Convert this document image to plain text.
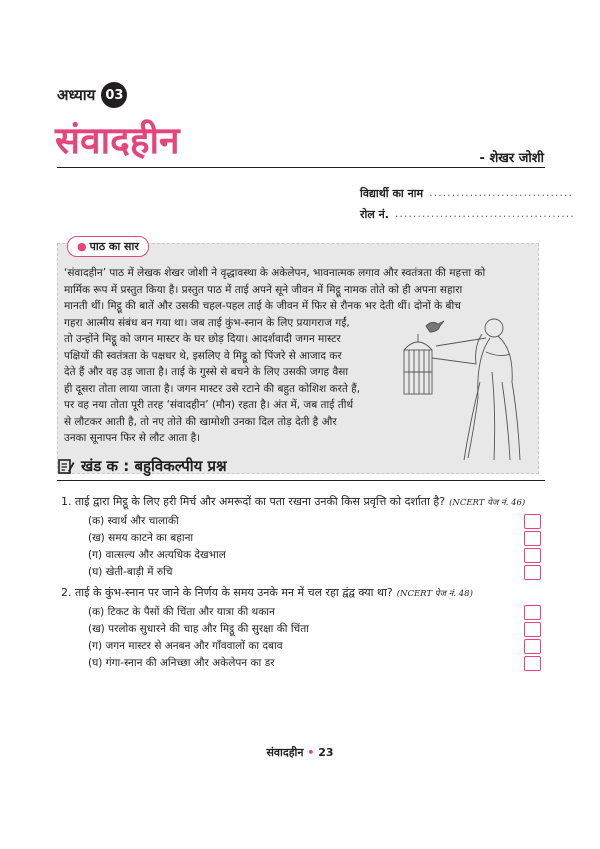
अध्याय 03
संवादहीन	- शेखर जोशी
विद्यार्थी का नाम ................................
रोल नं. ........................................
● पाठ का सार
‘संवादहीन’ पाठ में लेखक शेखर जोशी ने वृद्धावस्था के अकेलेपन, भावनात्मक लगाव और स्वतंत्रता की महत्ता को
मार्मिक रूप में प्रस्तुत किया है। प्रस्तुत पाठ में ताई अपने सूने जीवन में मिट्ठू नामक तोते को ही अपना सहारा
मानती थीं। मिट्ठू की बातें और उसकी चहल-पहल ताई के जीवन में फिर से रौनक भर देती थीं। दोनों के बीच
गहरा आत्मीय संबंध बन गया था। जब ताई कुंभ-स्नान के लिए प्रयागराज गईं,
तो उन्होंने मिट्ठू को जगन मास्टर के घर छोड़ दिया। आदर्शवादी जगन मास्टर
पक्षियों की स्वतंत्रता के पक्षधर थे, इसलिए वे मिट्ठू को पिंजरे से आजाद कर
देते हैं और वह उड़ जाता है। ताई के गुस्से से बचने के लिए उसकी जगह वैसा
ही दूसरा तोता लाया जाता है। जगन मास्टर उसे रटाने की बहुत कोशिश करते हैं,
पर वह नया तोता पूरी तरह ‘संवादहीन’ (मौन) रहता है। अंत में, जब ताई तीर्थ
से लौटकर आती है, तो नए तोते की खामोशी उनका दिल तोड़ देती है और
उनका सूनापन फिर से लौट आता है।
खंड क : बहुविकल्पीय प्रश्न
1. ताई द्वारा मिट्ठू के लिए हरी मिर्च और अमरूदों का पता रखना उनकी किस प्रवृत्ति को दर्शाता है? (NCERT पेज नं. 46)
(क) स्वार्थ और चालाकी
(ख) समय काटने का बहाना
(ग) वात्सल्य और अत्यधिक देखभाल
(घ) खेती-बाड़ी में रुचि
2. ताई के कुंभ-स्नान पर जाने के निर्णय के समय उनके मन में चल रहा द्वंद्व क्या था? (NCERT पेज नं. 48)
(क) टिकट के पैसों की चिंता और यात्रा की थकान
(ख) परलोक सुधारने की चाह और मिट्ठू की सुरक्षा की चिंता
(ग) जगन मास्टर से अनबन और गाँववालों का दबाव
(घ) गंगा-स्नान की अनिच्छा और अकेलेपन का डर
संवादहीन • 23
